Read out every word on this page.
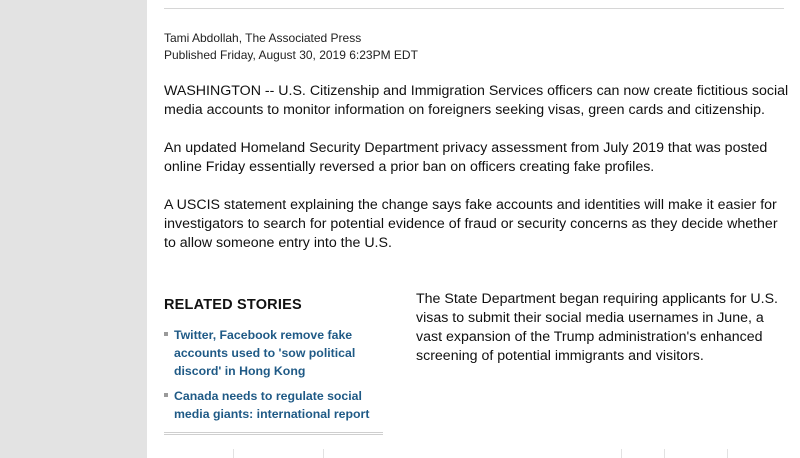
Tami Abdollah, The Associated Press
Published Friday, August 30, 2019 6:23PM EDT

WASHINGTON -- U.S. Citizenship and Immigration Services officers can now create fictitious social media accounts to monitor information on foreigners seeking visas, green cards and citizenship.

An updated Homeland Security Department privacy assessment from July 2019 that was posted online Friday essentially reversed a prior ban on officers creating fake profiles.

A USCIS statement explaining the change says fake accounts and identities will make it easier for investigators to search for potential evidence of fraud or security concerns as they decide whether to allow someone entry into the U.S.

RELATED STORIES
Twitter, Facebook remove fake accounts used to 'sow political discord' in Hong Kong
Canada needs to regulate social media giants: international report

The State Department began requiring applicants for U.S. visas to submit their social media usernames in June, a vast expansion of the Trump administration's enhanced screening of potential immigrants and visitors.
